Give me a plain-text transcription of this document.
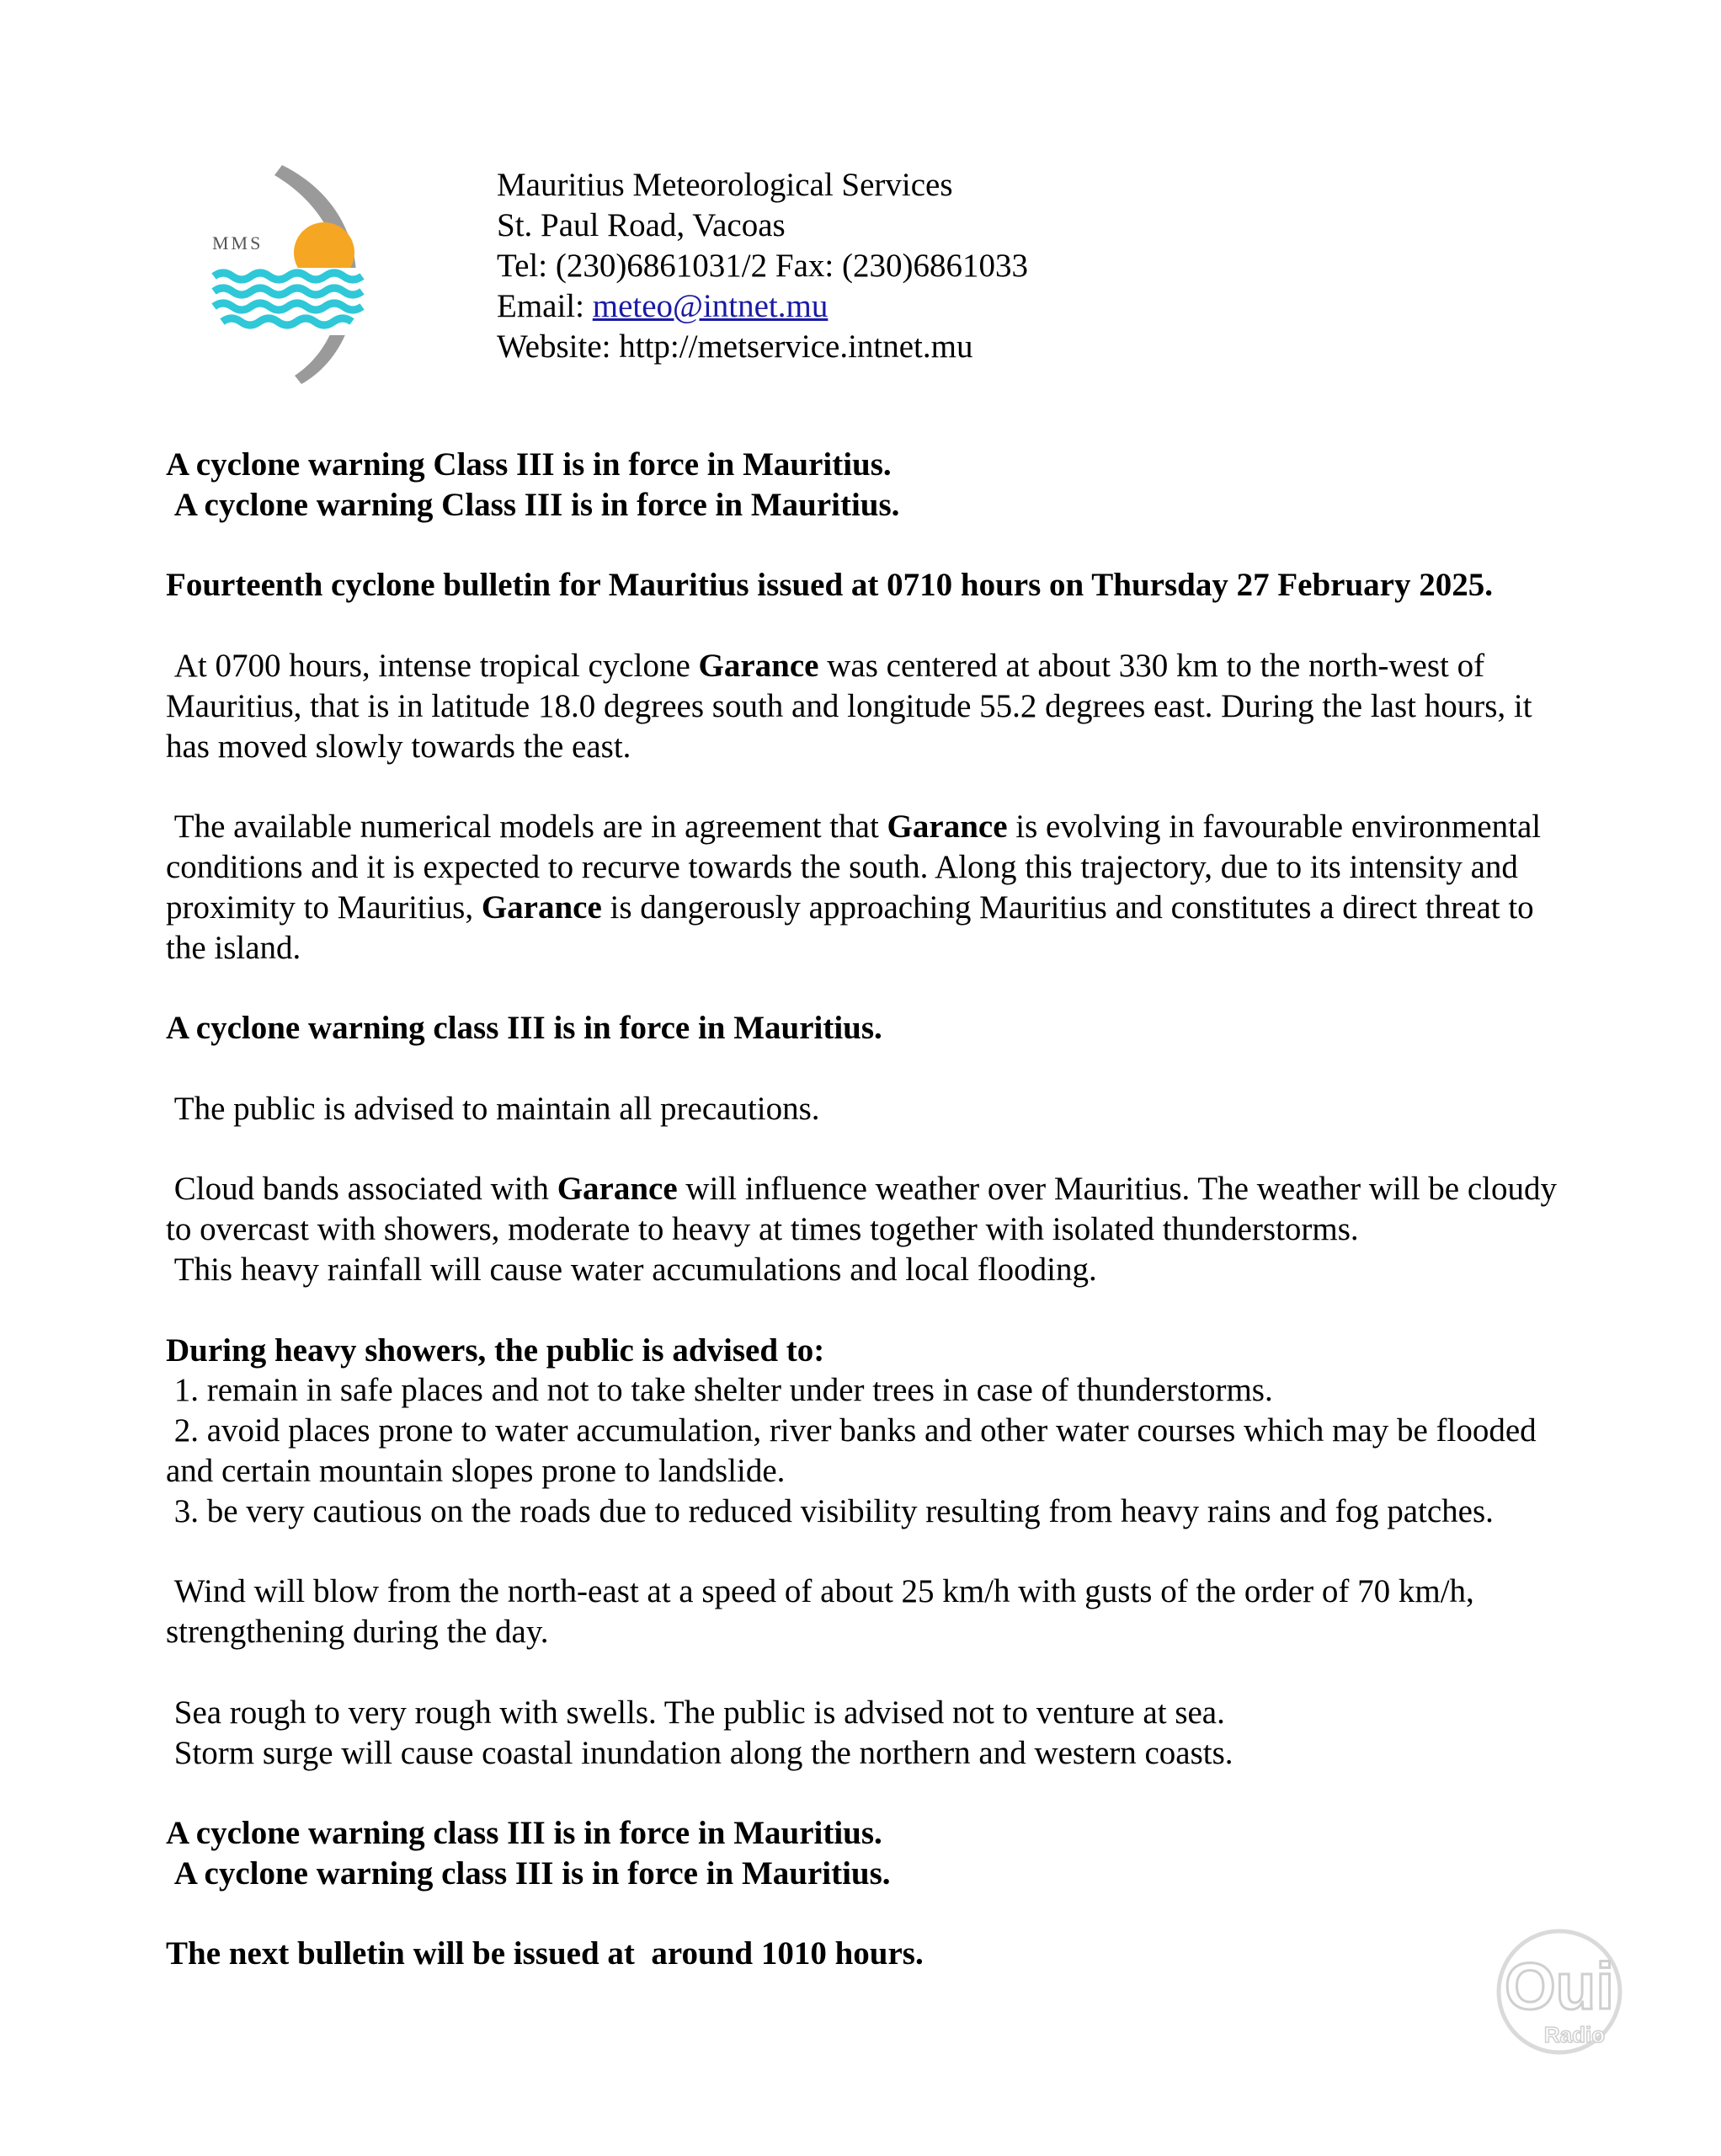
MMS
Mauritius Meteorological Services
St. Paul Road, Vacoas
Tel: (230)6861031/2 Fax: (230)6861033
Email: meteo@intnet.mu
Website: http://metservice.intnet.mu
A cyclone warning Class III is in force in Mauritius.
A cyclone warning Class III is in force in Mauritius.
Fourteenth cyclone bulletin for Mauritius issued at 0710 hours on Thursday 27 February 2025.
At 0700 hours, intense tropical cyclone Garance was centered at about 330 km to the north-west of Mauritius, that is in latitude 18.0 degrees south and longitude 55.2 degrees east. During the last hours, it has moved slowly towards the east.
The available numerical models are in agreement that Garance is evolving in favourable environmental conditions and it is expected to recurve towards the south. Along this trajectory, due to its intensity and proximity to Mauritius, Garance is dangerously approaching Mauritius and constitutes a direct threat to the island.
A cyclone warning class III is in force in Mauritius.
The public is advised to maintain all precautions.
Cloud bands associated with Garance will influence weather over Mauritius. The weather will be cloudy to overcast with showers, moderate to heavy at times together with isolated thunderstorms.
This heavy rainfall will cause water accumulations and local flooding.
During heavy showers, the public is advised to:
1. remain in safe places and not to take shelter under trees in case of thunderstorms.
2. avoid places prone to water accumulation, river banks and other water courses which may be flooded and certain mountain slopes prone to landslide.
3. be very cautious on the roads due to reduced visibility resulting from heavy rains and fog patches.
Wind will blow from the north-east at a speed of about 25 km/h with gusts of the order of 70 km/h, strengthening during the day.
Sea rough to very rough with swells. The public is advised not to venture at sea.
Storm surge will cause coastal inundation along the northern and western coasts.
A cyclone warning class III is in force in Mauritius.
A cyclone warning class III is in force in Mauritius.
The next bulletin will be issued at  around 1010 hours.	Oui
Radio
